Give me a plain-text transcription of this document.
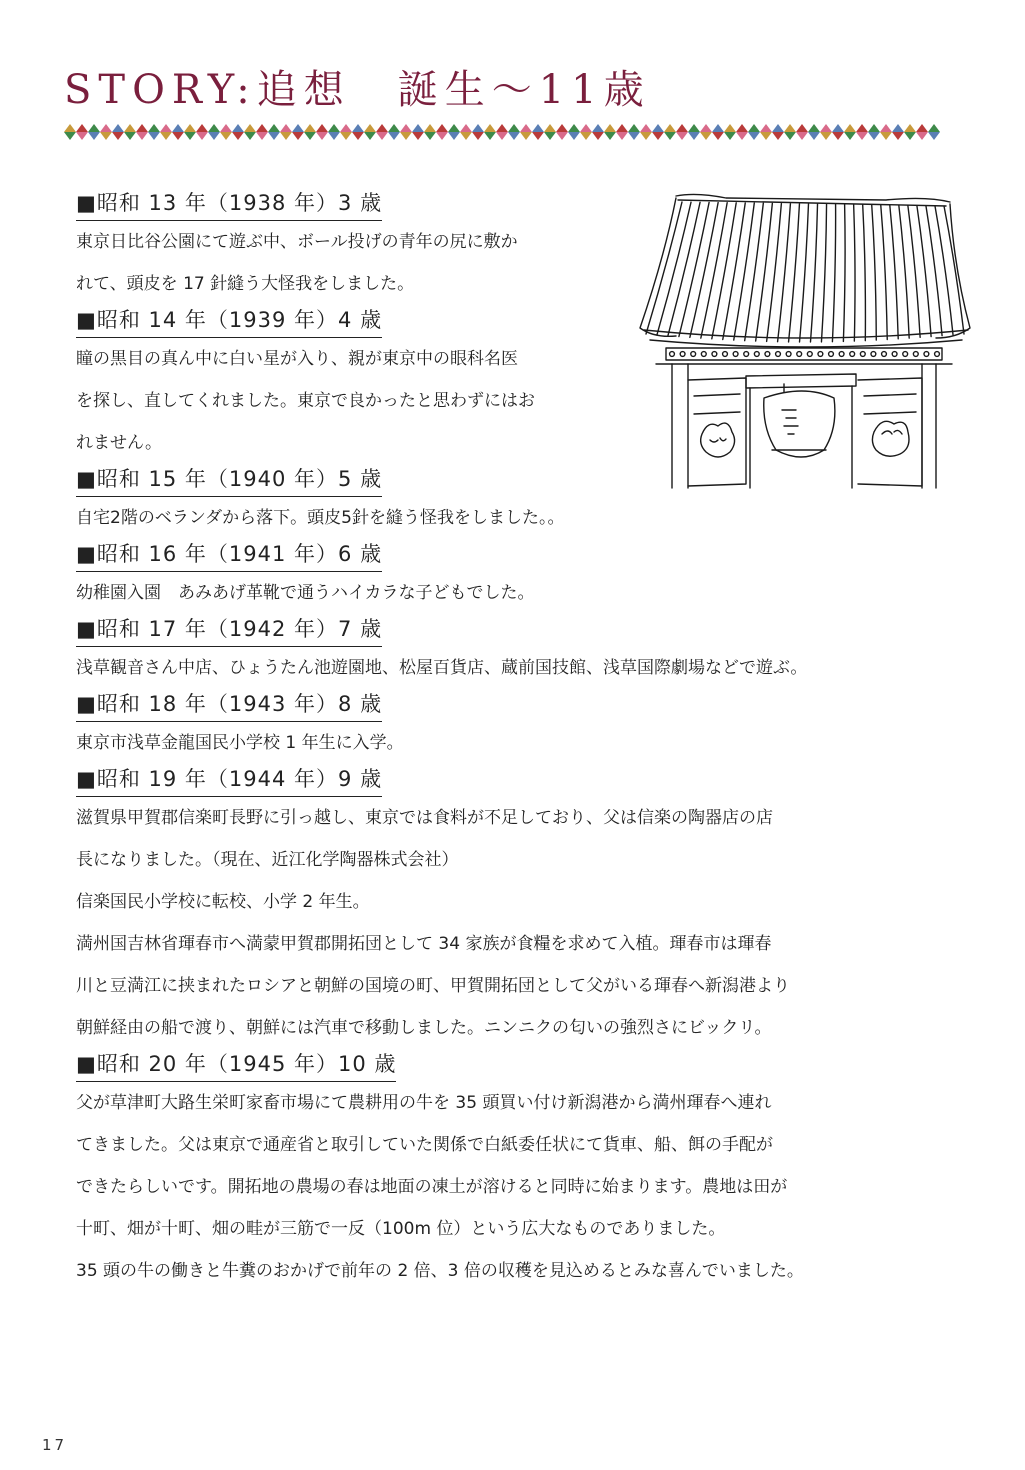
STORY:追想　誕生～11歳
■昭和 13 年（1938 年）3 歳
東京日比谷公園にて遊ぶ中、ボール投げの青年の尻に敷か
れて、頭皮を 17 針縫う大怪我をしました。
■昭和 14 年（1939 年）4 歳
瞳の黒目の真ん中に白い星が入り、親が東京中の眼科名医
を探し、直してくれました。東京で良かったと思わずにはお
れません。
■昭和 15 年（1940 年）5 歳
自宅2階のベランダから落下。頭皮5針を縫う怪我をしました。。
■昭和 16 年（1941 年）6 歳
幼稚園入園　あみあげ革靴で通うハイカラな子どもでした。
■昭和 17 年（1942 年）7 歳
浅草観音さん中店、ひょうたん池遊園地、松屋百貨店、蔵前国技館、浅草国際劇場などで遊ぶ。
■昭和 18 年（1943 年）8 歳
東京市浅草金龍国民小学校 1 年生に入学。
■昭和 19 年（1944 年）9 歳
滋賀県甲賀郡信楽町長野に引っ越し、東京では食料が不足しており、父は信楽の陶器店の店
長になりました。（現在、近江化学陶器株式会社）
信楽国民小学校に転校、小学 2 年生。
満州国吉林省琿春市へ満蒙甲賀郡開拓団として 34 家族が食糧を求めて入植。琿春市は琿春
川と豆満江に挟まれたロシアと朝鮮の国境の町、甲賀開拓団として父がいる琿春へ新潟港より
朝鮮経由の船で渡り、朝鮮には汽車で移動しました。ニンニクの匂いの強烈さにビックリ。
■昭和 20 年（1945 年）10 歳
父が草津町大路生栄町家畜市場にて農耕用の牛を 35 頭買い付け新潟港から満州琿春へ連れ
てきました。父は東京で通産省と取引していた関係で白紙委任状にて貨車、船、餌の手配が
できたらしいです。開拓地の農場の春は地面の凍土が溶けると同時に始まります。農地は田が
十町、畑が十町、畑の畦が三筋で一反（100m 位）という広大なものでありました。
35 頭の牛の働きと牛糞のおかげで前年の 2 倍、3 倍の収穫を見込めるとみな喜んでいました。
17
